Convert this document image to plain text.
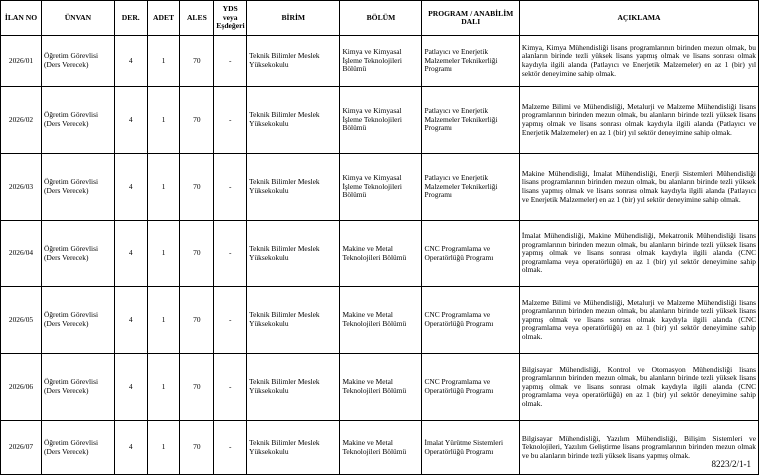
İLAN NO	ÜNVAN	DER.	ADET	ALES	YDS veya Eşdeğeri	BİRİM	BÖLÜM	PROGRAM / ANABİLİM DALI	AÇIKLAMA
2026/01	Öğretim Görevlisi (Ders Verecek)	4	1	70	-	Teknik Bilimler Meslek Yüksekokulu	Kimya ve Kimyasal İşleme Teknolojileri Bölümü	Patlayıcı ve Enerjetik Malzemeler Teknikerliği Programı	Kimya, Kimya Mühendisliği lisans programlarının birinden mezun olmak, bu alanların birinde tezli yüksek lisans yapmış olmak ve lisans sonrası olmak kaydıyla ilgili alanda (Patlayıcı ve Enerjetik Malzemeler) en az 1 (bir) yıl sektör deneyimine sahip olmak.
2026/02	Öğretim Görevlisi (Ders Verecek)	4	1	70	-	Teknik Bilimler Meslek Yüksekokulu	Kimya ve Kimyasal İşleme Teknolojileri Bölümü	Patlayıcı ve Enerjetik Malzemeler Teknikerliği Programı	Malzeme Bilimi ve Mühendisliği, Metalurji ve Malzeme Mühendisliği lisans programlarının birinden mezun olmak, bu alanların birinde tezli yüksek lisans yapmış olmak ve lisans sonrası olmak kaydıyla ilgili alanda (Patlayıcı ve Enerjetik Malzemeler) en az 1 (bir) yıl sektör deneyimine sahip olmak.
2026/03	Öğretim Görevlisi (Ders Verecek)	4	1	70	-	Teknik Bilimler Meslek Yüksekokulu	Kimya ve Kimyasal İşleme Teknolojileri Bölümü	Patlayıcı ve Enerjetik Malzemeler Teknikerliği Programı	Makine Mühendisliği, İmalat Mühendisliği, Enerji Sistemleri Mühendisliği lisans programlarının birinden mezun olmak, bu alanların birinde tezli yüksek lisans yapmış olmak ve lisans sonrası olmak kaydıyla ilgili alanda (Patlayıcı ve Enerjetik Malzemeler) en az 1 (bir) yıl sektör deneyimine sahip olmak.
2026/04	Öğretim Görevlisi (Ders Verecek)	4	1	70	-	Teknik Bilimler Meslek Yüksekokulu	Makine ve Metal Teknolojileri Bölümü	CNC Programlama ve Operatörlüğü Programı	İmalat Mühendisliği, Makine Mühendisliği, Mekatronik Mühendisliği lisans programlarının birinden mezun olmak, bu alanların birinde tezli yüksek lisans yapmış olmak ve lisans sonrası olmak kaydıyla ilgili alanda (CNC programlama veya operatörlüğü) en az 1 (bir) yıl sektör deneyimine sahip olmak.
2026/05	Öğretim Görevlisi (Ders Verecek)	4	1	70	-	Teknik Bilimler Meslek Yüksekokulu	Makine ve Metal Teknolojileri Bölümü	CNC Programlama ve Operatörlüğü Programı	Malzeme Bilimi ve Mühendisliği, Metalurji ve Malzeme Mühendisliği lisans programlarının birinden mezun olmak, bu alanların birinde tezli yüksek lisans yapmış olmak ve lisans sonrası olmak kaydıyla ilgili alanda (CNC programlama veya operatörlüğü) en az 1 (bir) yıl sektör deneyimine sahip olmak.
2026/06	Öğretim Görevlisi (Ders Verecek)	4	1	70	-	Teknik Bilimler Meslek Yüksekokulu	Makine ve Metal Teknolojileri Bölümü	CNC Programlama ve Operatörlüğü Programı	Bilgisayar Mühendisliği, Kontrol ve Otomasyon Mühendisliği lisans programlarının birinden mezun olmak, bu alanların birinde tezli yüksek lisans yapmış olmak ve lisans sonrası olmak kaydıyla ilgili alanda (CNC programlama veya operatörlüğü) en az 1 (bir) yıl sektör deneyimine sahip olmak.
2026/07	Öğretim Görevlisi (Ders Verecek)	4	1	70	-	Teknik Bilimler Meslek Yüksekokulu	Makine ve Metal Teknolojileri Bölümü	İmalat Yürütme Sistemleri Operatörlüğü Programı	Bilgisayar Mühendisliği, Yazılım Mühendisliği, Bilişim Sistemleri ve Teknolojileri, Yazılım Geliştirme lisans programlarının birinden mezun olmak ve bu alanların birinde tezli yüksek lisans yapmış olmak.
8223/2/1-1
